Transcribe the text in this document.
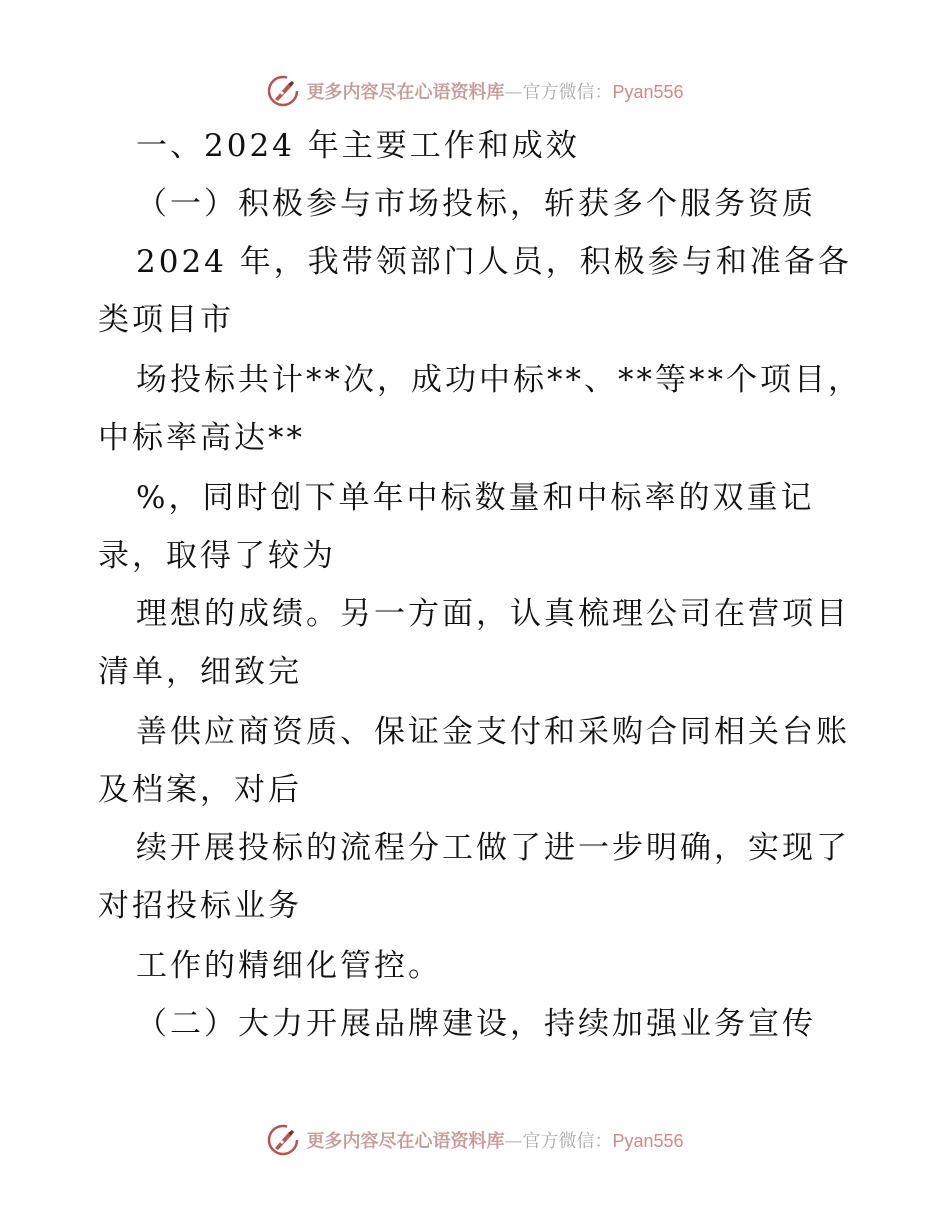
更多内容尽在心语资料库—官方微信：Pyan556
一、2024 年主要工作和成效
（一）积极参与市场投标，斩获多个服务资质
2024 年，我带领部门人员，积极参与和准备各
类项目市
场投标共计**次，成功中标**、**等**个项目，
中标率高达**
%，同时创下单年中标数量和中标率的双重记
录，取得了较为
理想的成绩。另一方面，认真梳理公司在营项目
清单，细致完
善供应商资质、保证金支付和采购合同相关台账
及档案，对后
续开展投标的流程分工做了进一步明确，实现了
对招投标业务
工作的精细化管控。
（二）大力开展品牌建设，持续加强业务宣传
更多内容尽在心语资料库—官方微信：Pyan556
